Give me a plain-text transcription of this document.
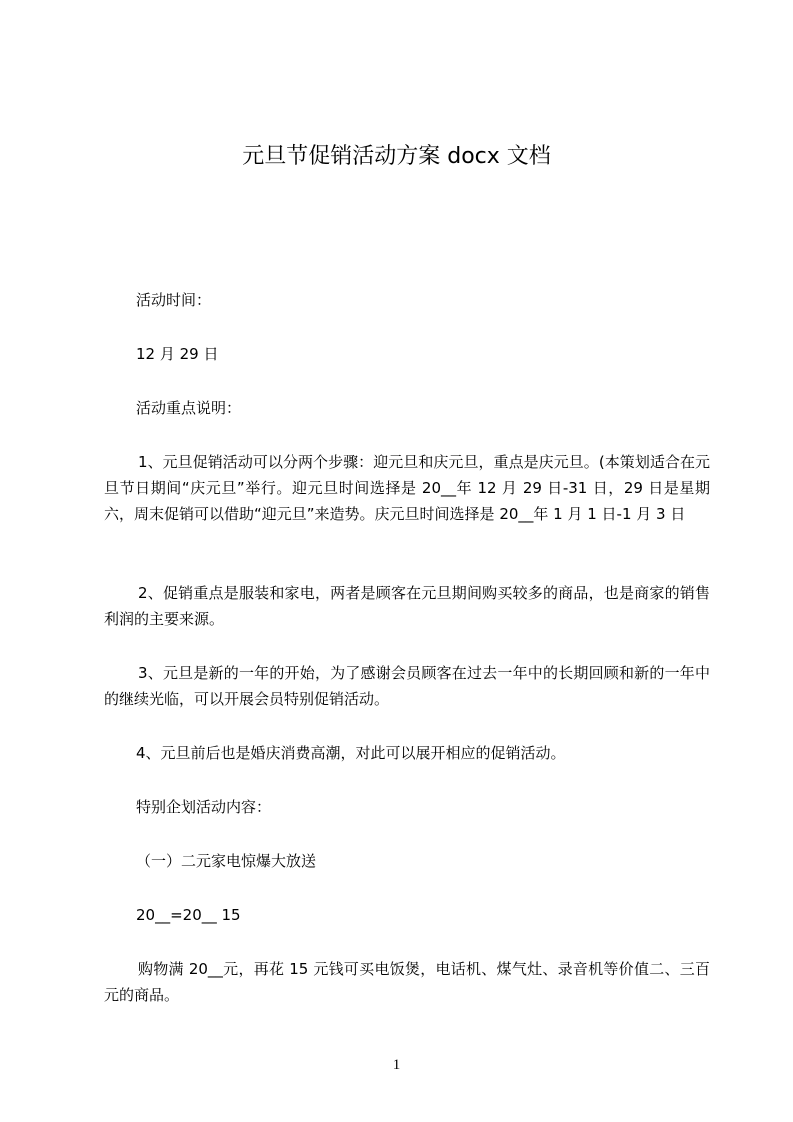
元旦节促销活动方案 docx 文档

活动时间：

12 月 29 日

活动重点说明：

1、元旦促销活动可以分两个步骤：迎元旦和庆元旦，重点是庆元旦。(本策划适合在元旦节日期间“庆元旦”举行。迎元旦时间选择是 20__年 12 月 29 日-31 日，29 日是星期六，周末促销可以借助“迎元旦”来造势。庆元旦时间选择是 20__年 1 月 1 日-1 月 3 日

2、促销重点是服装和家电，两者是顾客在元旦期间购买较多的商品，也是商家的销售利润的主要来源。

3、元旦是新的一年的开始，为了感谢会员顾客在过去一年中的长期回顾和新的一年中的继续光临，可以开展会员特别促销活动。

4、元旦前后也是婚庆消费高潮，对此可以展开相应的促销活动。

特别企划活动内容：

（一）二元家电惊爆大放送

20__=20__ 15

购物满 20__元，再花 15 元钱可买电饭煲，电话机、煤气灶、录音机等价值二、三百元的商品。

1
